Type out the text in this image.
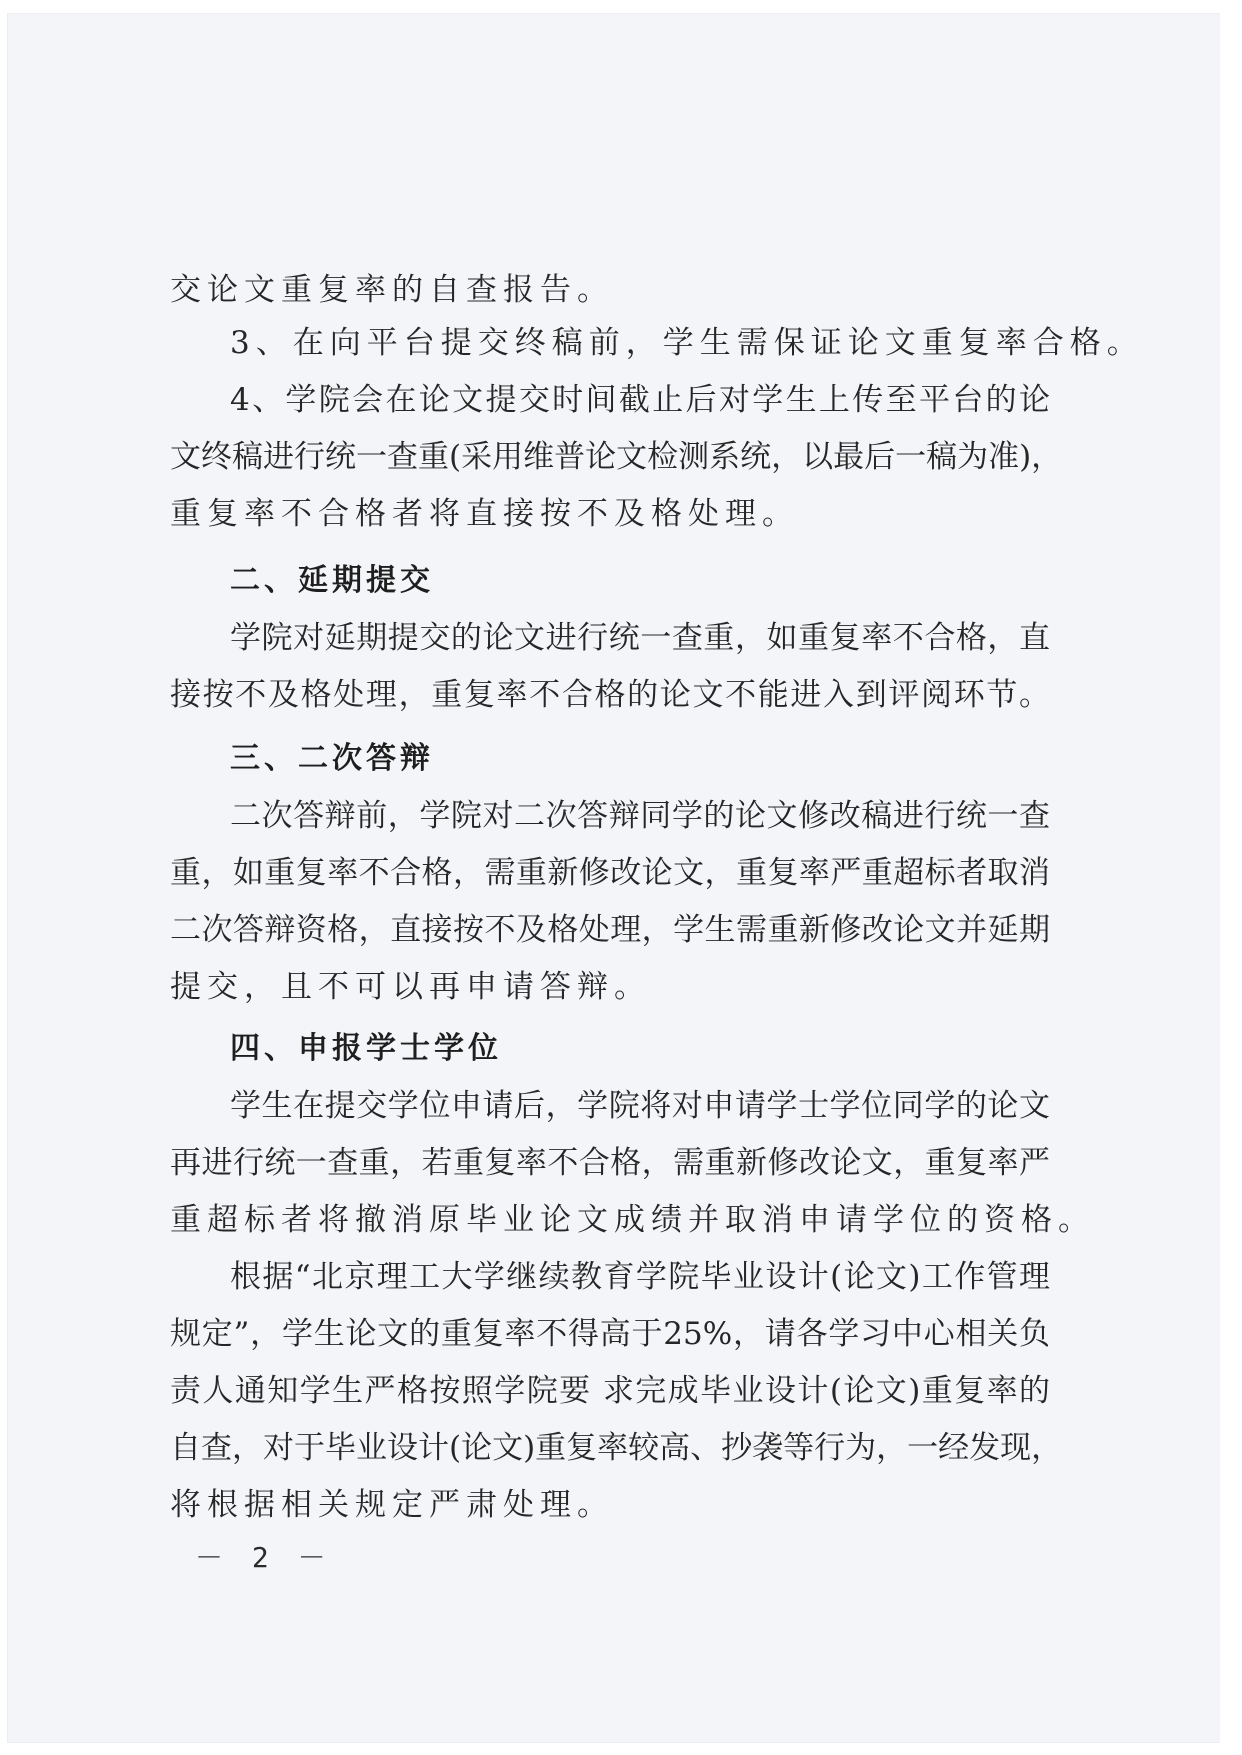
交论文重复率的自查报告。
3、在向平台提交终稿前，学生需保证论文重复率合格。
4、学院会在论文提交时间截止后对学生上传至平台的论
文终稿进行统一查重(采用维普论文检测系统，以最后一稿为准)，
重复率不合格者将直接按不及格处理。
二、延期提交
学院对延期提交的论文进行统一查重，如重复率不合格，直
接按不及格处理，重复率不合格的论文不能进入到评阅环节。
三、二次答辩
二次答辩前，学院对二次答辩同学的论文修改稿进行统一查
重，如重复率不合格，需重新修改论文，重复率严重超标者取消
二次答辩资格，直接按不及格处理，学生需重新修改论文并延期
提交，且不可以再申请答辩。
四、申报学士学位
学生在提交学位申请后，学院将对申请学士学位同学的论文
再进行统一查重，若重复率不合格，需重新修改论文，重复率严
重超标者将撤消原毕业论文成绩并取消申请学位的资格。
根据“北京理工大学继续教育学院毕业设计(论文)工作管理
规定”，学生论文的重复率不得高于25%，请各学习中心相关负
责人通知学生严格按照学院要 求完成毕业设计(论文)重复率的
自查，对于毕业设计(论文)重复率较高、抄袭等行为，一经发现，
将根据相关规定严肃处理。
－ 2 －
